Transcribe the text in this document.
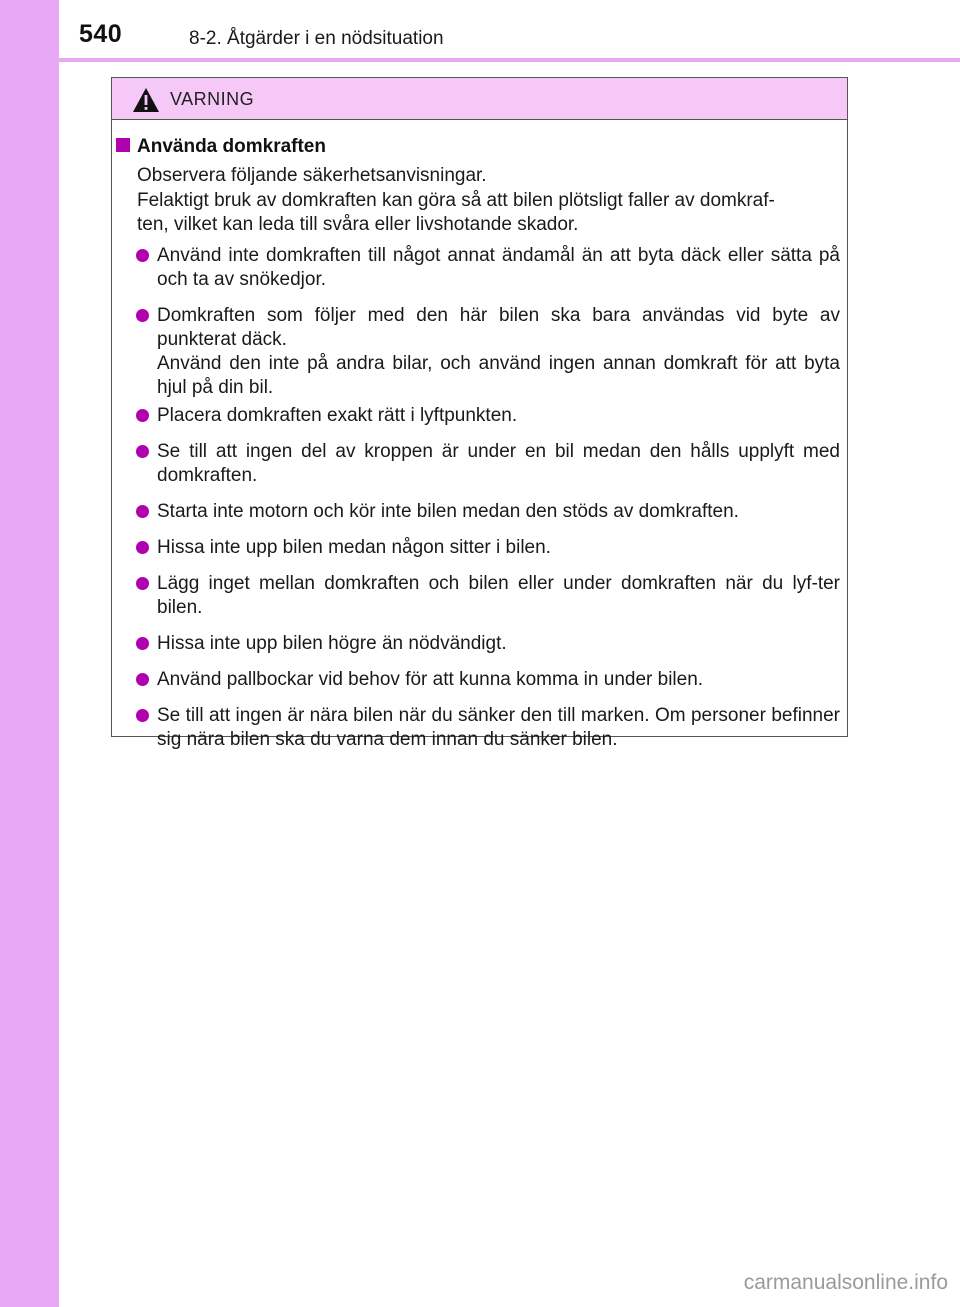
540	8-2. Åtgärder i en nödsituation
VARNING
Använda domkraften

Observera följande säkerhetsanvisningar.

Felaktigt bruk av domkraften kan göra så att bilen plötsligt faller av domkraf-

ten, vilket kan leda till svåra eller livshotande skador.

Använd inte domkraften till något annat ändamål än att byta däck eller sätta på och ta av snökedjor.
Domkraften som följer med den här bilen ska bara användas vid byte av punkterat däck.
Använd den inte på andra bilar, och använd ingen annan domkraft för att byta hjul på din bil.
Placera domkraften exakt rätt i lyftpunkten.
Se till att ingen del av kroppen är under en bil medan den hålls upplyft med domkraften.
Starta inte motorn och kör inte bilen medan den stöds av domkraften.
Hissa inte upp bilen medan någon sitter i bilen.
Lägg inget mellan domkraften och bilen eller under domkraften när du lyf-ter bilen.
Hissa inte upp bilen högre än nödvändigt.
Använd pallbockar vid behov för att kunna komma in under bilen.
Se till att ingen är nära bilen när du sänker den till marken. Om personer befinner sig nära bilen ska du varna dem innan du sänker bilen.
carmanualsonline.info
